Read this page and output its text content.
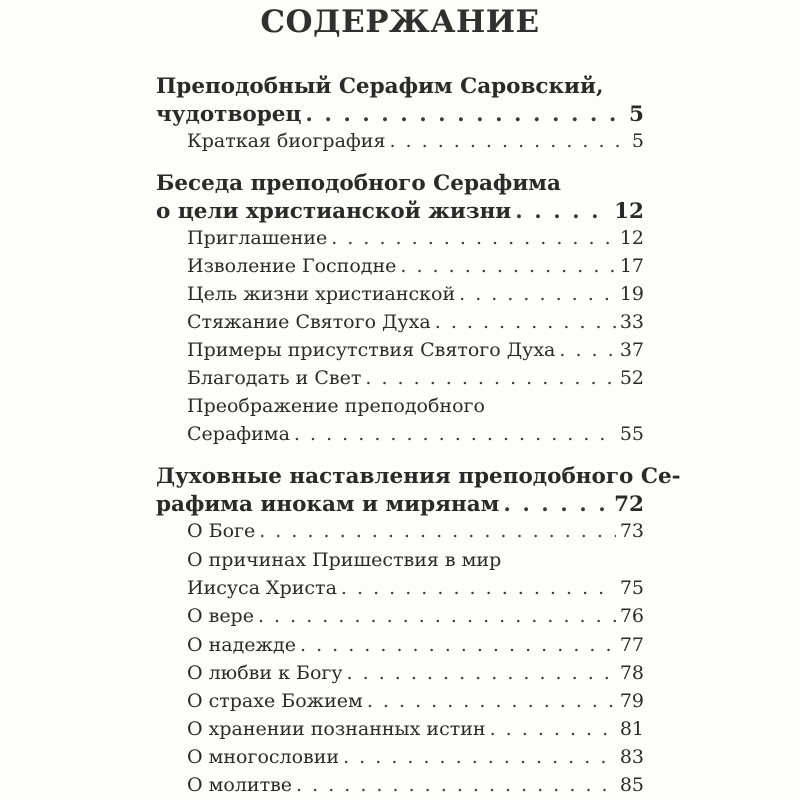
СОДЕРЖАНИЕ
Преподобный Серафим Саровский,
чудотворец . . .	5
Краткая биография . . .	5
Беседа преподобного Серафима
о цели христианской жизни . . .	12
Приглашение . . .	12
Изволение Господне . . .	17
Цель жизни христианской . . .	19
Стяжание Святого Духа . . .	33
Примеры присутствия Святого Духа . . .	37
Благодать и Свет . . .	52
Преображение преподобного
Серафима . . .	55
Духовные наставления преподобного Се-
рафима инокам и мирянам . . .	72
О Боге . . .	73
О причинах Пришествия в мир
Иисуса Христа . . .	75
О вере . . .	76
О надежде . . .	77
О любви к Богу . . .	78
О страхе Божием . . .	79
О хранении познанных истин . . .	81
О многословии . . .	83
О молитве . . .	85
